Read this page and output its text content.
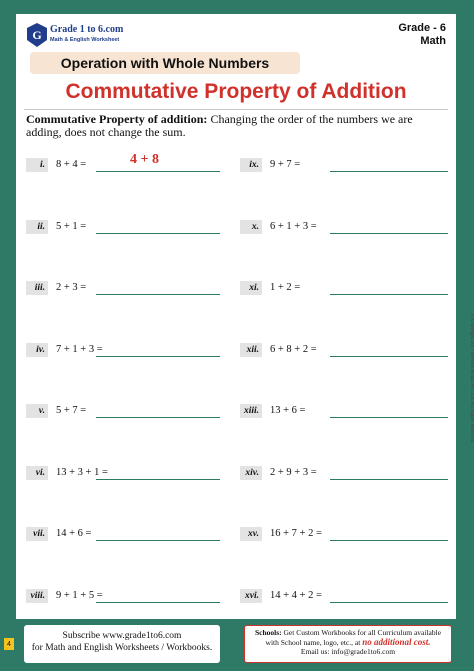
G Grade 1 to 6.com
Math & English Worksheet
Grade - 6
Math
Operation with Whole Numbers
Commutative Property of Addition
Commutative Property of addition: Changing the order of the numbers we are adding, does not change the sum.
i. 8 + 4 =	4 + 8
ii. 5 + 1 =
iii. 2 + 3 =
iv. 7 + 1 + 3 =
v. 5 + 7 =
vi. 13 + 3 + 1 =
vii. 14 + 6 =
viii. 9 + 1 + 5 =
ix. 9 + 7 =
x. 6 + 1 + 3 =
xi. 1 + 2 =
xii. 6 + 8 + 2 =
xiii. 13 + 6 =
xiv. 2 + 9 + 3 =
xv. 16 + 7 + 2 =
xvi. 14 + 4 + 2 =
© Copyright 2017 BeeOne Media Pvt. Ltd. All Rights Reserved.
Subscribe www.grade1to6.com
for Math and English Worksheets / Workbooks.
Schools: Get Custom Workbooks for all Curriculum available
with School name, logo, etc., at no additional cost.
Email us: info@grade1to6.com
4
